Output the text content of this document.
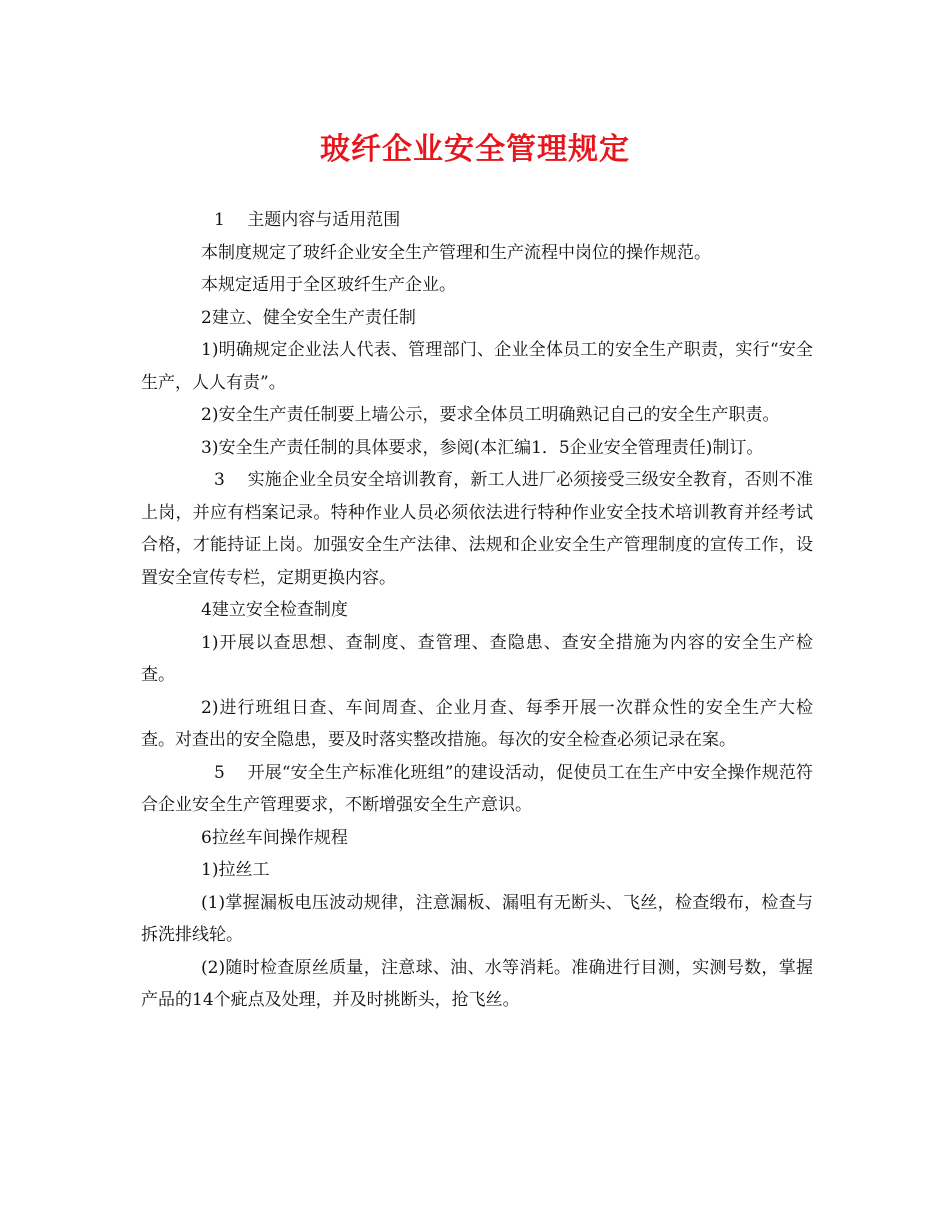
玻纤企业安全管理规定

1　 主题内容与适用范围

本制度规定了玻纤企业安全生产管理和生产流程中岗位的操作规范。

本规定适用于全区玻纤生产企业。

2建立、健全安全生产责任制

1)明确规定企业法人代表、管理部门、企业全体员工的安全生产职责，实行“安全生产，人人有责”。

2)安全生产责任制要上墙公示，要求全体员工明确熟记自己的安全生产职责。

3)安全生产责任制的具体要求，参阅(本汇编1．5企业安全管理责任)制订。

3　 实施企业全员安全培训教育，新工人进厂必须接受三级安全教育，否则不准上岗，并应有档案记录。特种作业人员必须依法进行特种作业安全技术培训教育并经考试合格，才能持证上岗。加强安全生产法律、法规和企业安全生产管理制度的宣传工作，设置安全宣传专栏，定期更换内容。

4建立安全检查制度

1)开展以查思想、查制度、查管理、查隐患、查安全措施为内容的安全生产检查。

2)进行班组日查、车间周查、企业月查、每季开展一次群众性的安全生产大检查。对查出的安全隐患，要及时落实整改措施。每次的安全检查必须记录在案。

5　 开展“安全生产标准化班组”的建设活动，促使员工在生产中安全操作规范符合企业安全生产管理要求，不断增强安全生产意识。

6拉丝车间操作规程

1)拉丝工

(1)掌握漏板电压波动规律，注意漏板、漏咀有无断头、飞丝，检查缎布，检查与拆洗排线轮。

(2)随时检查原丝质量，注意球、油、水等消耗。准确进行目测，实测号数，掌握产品的14个疵点及处理，并及时挑断头，抢飞丝。
